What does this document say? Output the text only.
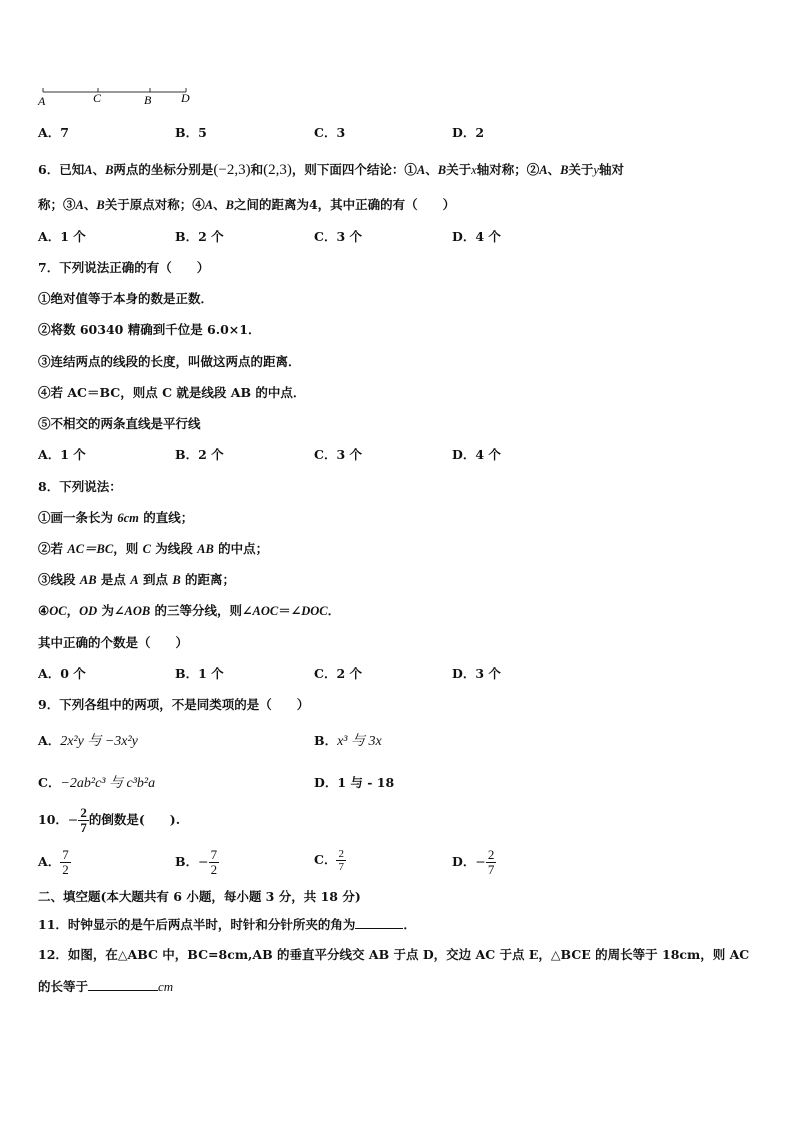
A	C	B D
A．7	B．5	C．3	D．2
6．已知A、B两点的坐标分别是(−2,3)和(2,3)，则下面四个结论：①A、B关于x轴对称；②A、B关于y轴对
称；③A、B关于原点对称；④A、B之间的距离为4，其中正确的有（　　）
A．1 个	B．2 个	C．3 个	D．4 个
7．下列说法正确的有（　　）
①绝对值等于本身的数是正数．
②将数 60340 精确到千位是 6.0×1．
③连结两点的线段的长度，叫做这两点的距离．
④若 AC＝BC，则点 C 就是线段 AB 的中点．
⑤不相交的两条直线是平行线
A．1 个	B．2 个	C．3 个	D．4 个
8．下列说法：
①画一条长为 6cm 的直线；
②若 AC＝BC，则 C 为线段 AB 的中点；
③线段 AB 是点 A 到点 B 的距离；
④OC，OD 为∠AOB 的三等分线，则∠AOC＝∠DOC．
其中正确的个数是（　　）
A．0 个	B．1 个	C．2 个	D．3 个
9．下列各组中的两项，不是同类项的是（　　）
A．2x²y 与 −3x²y	B．x³ 与 3x
C．−2ab²c³ 与 c³b²a	D．1 与 - 18
10．− $\frac{2}{7}$ 的倒数是(　　).
A． $\frac{7}{2}$	B．− $\frac{7}{2}$	C． $\frac{2}{7}$	D．− $\frac{2}{7}$
二、填空题(本大题共有 6 小题，每小题 3 分，共 18 分)
11．时钟显示的是午后两点半时，时针和分针所夹的角为	．
12．如图，在△ABC 中，BC=8cm,AB 的垂直平分线交 AB 于点 D，交边 AC 于点 E，△BCE 的周长等于 18cm，则 AC
的长等于	cm
